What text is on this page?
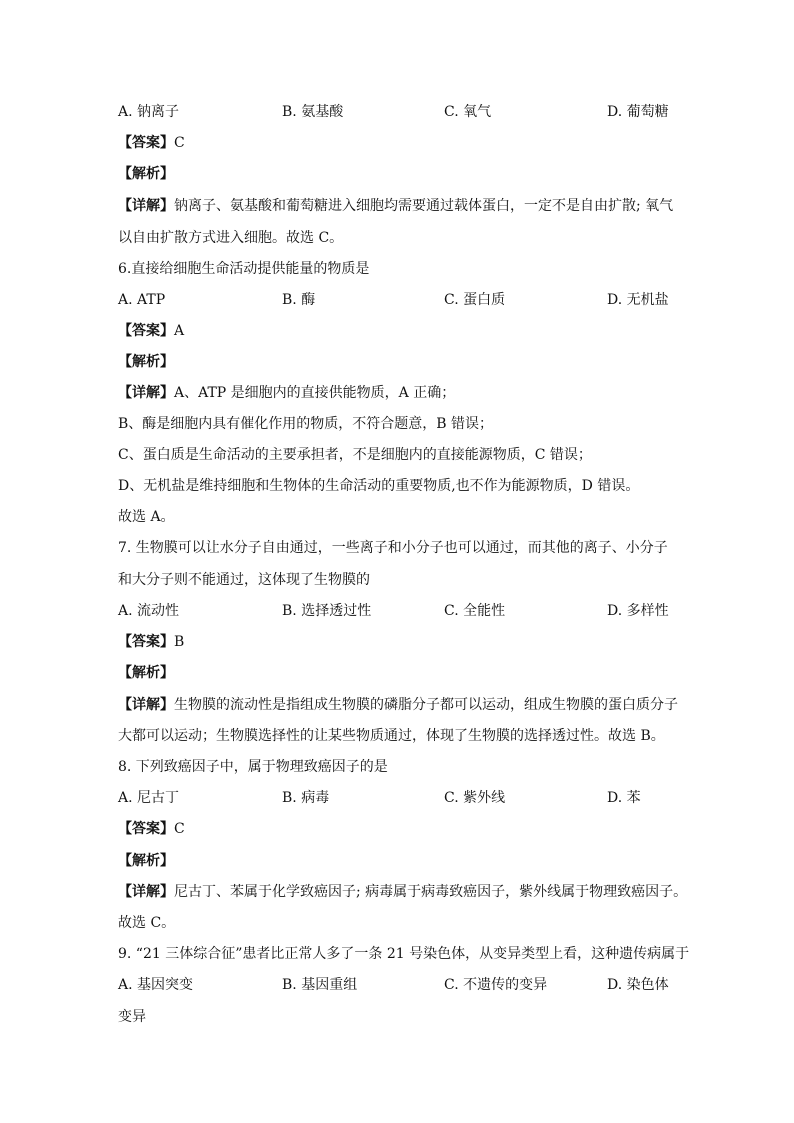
A. 钠离子	B. 氨基酸	C. 氧气	D. 葡萄糖
【答案】C
【解析】
【详解】钠离子、氨基酸和葡萄糖进入细胞均需要通过载体蛋白，一定不是自由扩散; 氧气
以自由扩散方式进入细胞。故选 C。
6.直接给细胞生命活动提供能量的物质是
A. ATP	B. 酶	C. 蛋白质	D. 无机盐
【答案】A
【解析】
【详解】A、ATP 是细胞内的直接供能物质，A 正确；
B、酶是细胞内具有催化作用的物质，不符合题意，B 错误；
C、蛋白质是生命活动的主要承担者，不是细胞内的直接能源物质，C 错误；
D、无机盐是维持细胞和生物体的生命活动的重要物质,也不作为能源物质，D 错误。
故选 A。
7. 生物膜可以让水分子自由通过，一些离子和小分子也可以通过，而其他的离子、小分子
和大分子则不能通过，这体现了生物膜的
A. 流动性	B. 选择透过性	C. 全能性	D. 多样性
【答案】B
【解析】
【详解】生物膜的流动性是指组成生物膜的磷脂分子都可以运动，组成生物膜的蛋白质分子
大都可以运动；生物膜选择性的让某些物质通过，体现了生物膜的选择透过性。故选 B。
8. 下列致癌因子中，属于物理致癌因子的是
A. 尼古丁	B. 病毒	C. 紫外线	D. 苯
【答案】C
【解析】
【详解】尼古丁、苯属于化学致癌因子; 病毒属于病毒致癌因子，紫外线属于物理致癌因子。
故选 C。
9. “21 三体综合征”患者比正常人多了一条 21 号染色体，从变异类型上看，这种遗传病属于
A. 基因突变	B. 基因重组	C. 不遗传的变异	D. 染色体
变异
